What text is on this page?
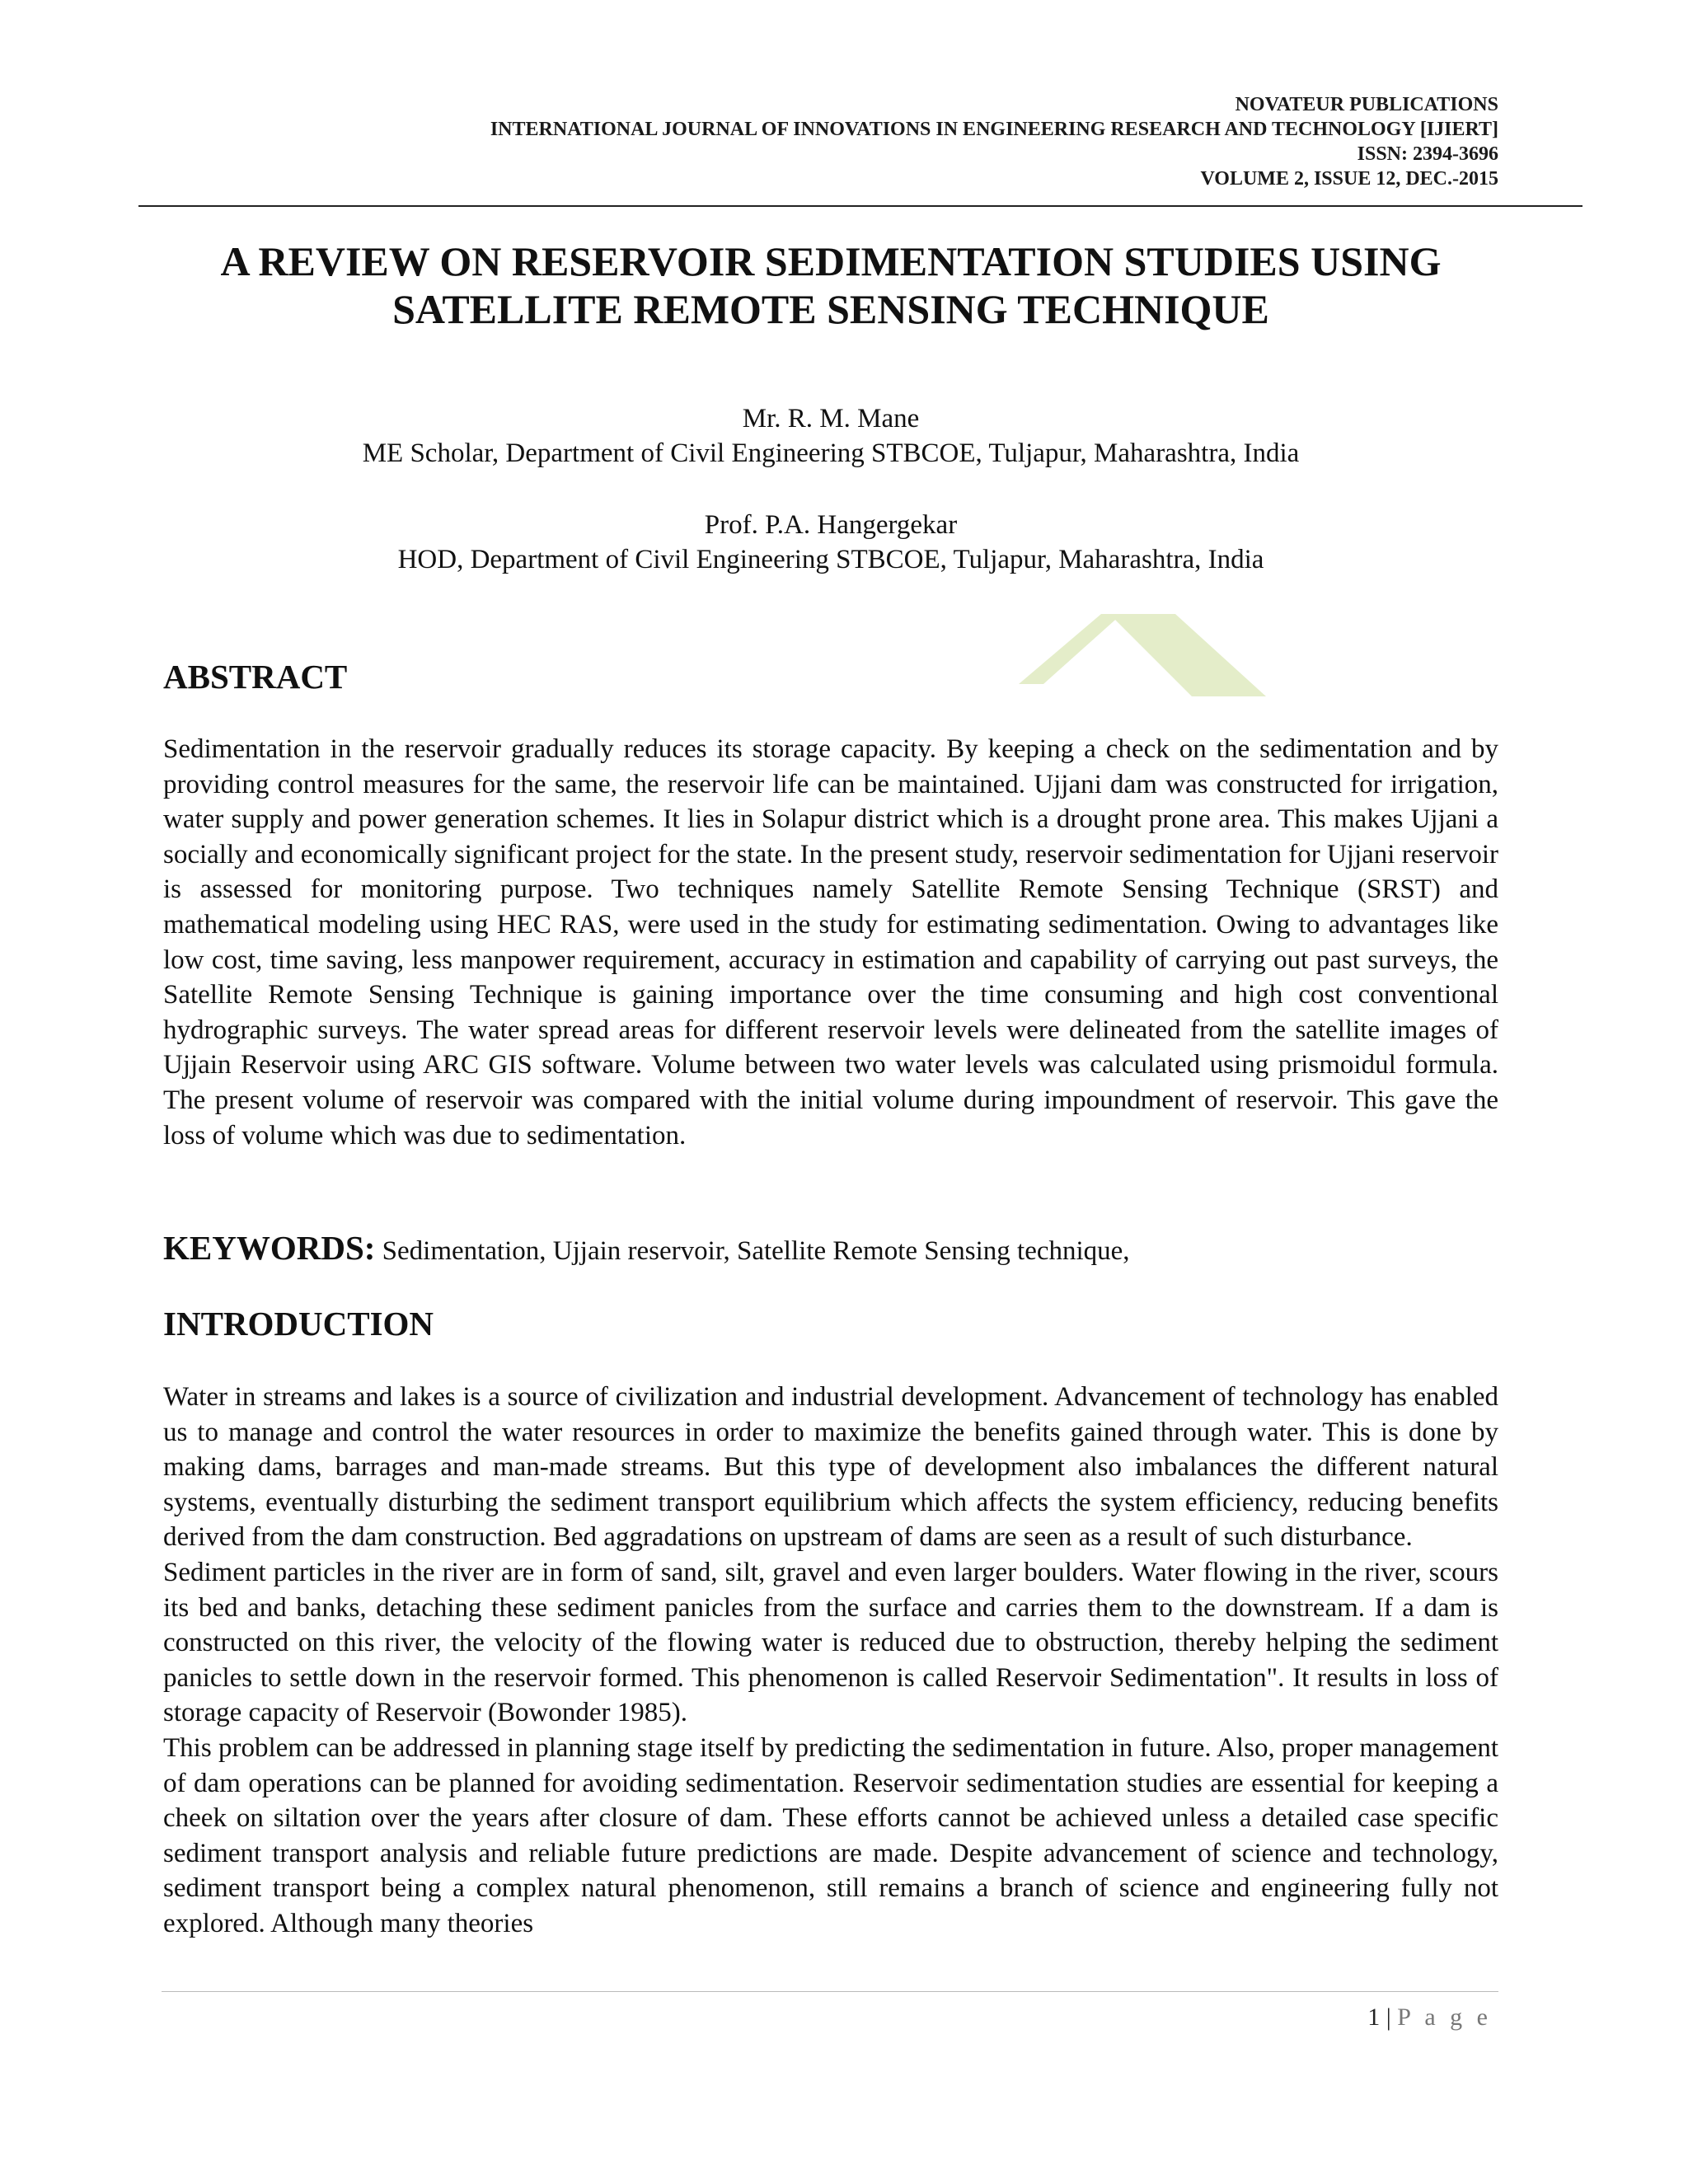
NOVATEUR PUBLICATIONS
INTERNATIONAL JOURNAL OF INNOVATIONS IN ENGINEERING RESEARCH AND TECHNOLOGY [IJIERT]
ISSN: 2394-3696
VOLUME 2, ISSUE 12, DEC.-2015
A REVIEW ON RESERVOIR SEDIMENTATION STUDIES USING SATELLITE REMOTE SENSING TECHNIQUE
Mr. R. M. Mane
ME Scholar, Department of Civil Engineering STBCOE, Tuljapur, Maharashtra, India
Prof. P.A. Hangergekar
HOD, Department of Civil Engineering STBCOE, Tuljapur, Maharashtra, India
ABSTRACT

Sedimentation in the reservoir gradually reduces its storage capacity. By keeping a check on the sedimentation and by providing control measures for the same, the reservoir life can be maintained. Ujjani dam was constructed for irrigation, water supply and power generation schemes. It lies in Solapur district which is a drought prone area. This makes Ujjani a socially and economically significant project for the state. In the present study, reservoir sedimentation for Ujjani reservoir is assessed for monitoring purpose. Two techniques namely Satellite Remote Sensing Technique (SRST) and mathematical modeling using HEC RAS, were used in the study for estimating sedimentation. Owing to advantages like low cost, time saving, less manpower requirement, accuracy in estimation and capability of carrying out past surveys, the Satellite Remote Sensing Technique is gaining importance over the time consuming and high cost conventional hydrographic surveys. The water spread areas for different reservoir levels were delineated from the satellite images of Ujjain Reservoir using ARC GIS software. Volume between two water levels was calculated using prismoidul formula. The present volume of reservoir was compared with the initial volume during impoundment of reservoir. This gave the loss of volume which was due to sedimentation.

KEYWORDS: Sedimentation, Ujjain reservoir, Satellite Remote Sensing technique,
INTRODUCTION

Water in streams and lakes is a source of civilization and industrial development. Advancement of technology has enabled us to manage and control the water resources in order to maximize the benefits gained through water. This is done by making dams, barrages and man-made streams. But this type of development also imbalances the different natural systems, eventually disturbing the sediment transport equilibrium which affects the system efficiency, reducing benefits derived from the dam construction. Bed aggradations on upstream of dams are seen as a result of such disturbance.

Sediment particles in the river are in form of sand, silt, gravel and even larger boulders. Water flowing in the river, scours its bed and banks, detaching these sediment panicles from the surface and carries them to the downstream. If a dam is constructed on this river, the velocity of the flowing water is reduced due to obstruction, thereby helping the sediment panicles to settle down in the reservoir formed. This phenomenon is called Reservoir Sedimentation". It results in loss of storage capacity of Reservoir (Bowonder 1985).

This problem can be addressed in planning stage itself by predicting the sedimentation in future. Also, proper management of dam operations can be planned for avoiding sedimentation. Reservoir sedimentation studies are essential for keeping a cheek on siltation over the years after closure of dam. These efforts cannot be achieved unless a detailed case specific sediment transport analysis and reliable future predictions are made. Despite advancement of science and technology, sediment transport being a complex natural phenomenon, still remains a branch of science and engineering fully not explored. Although many theories

1 | P a g e
